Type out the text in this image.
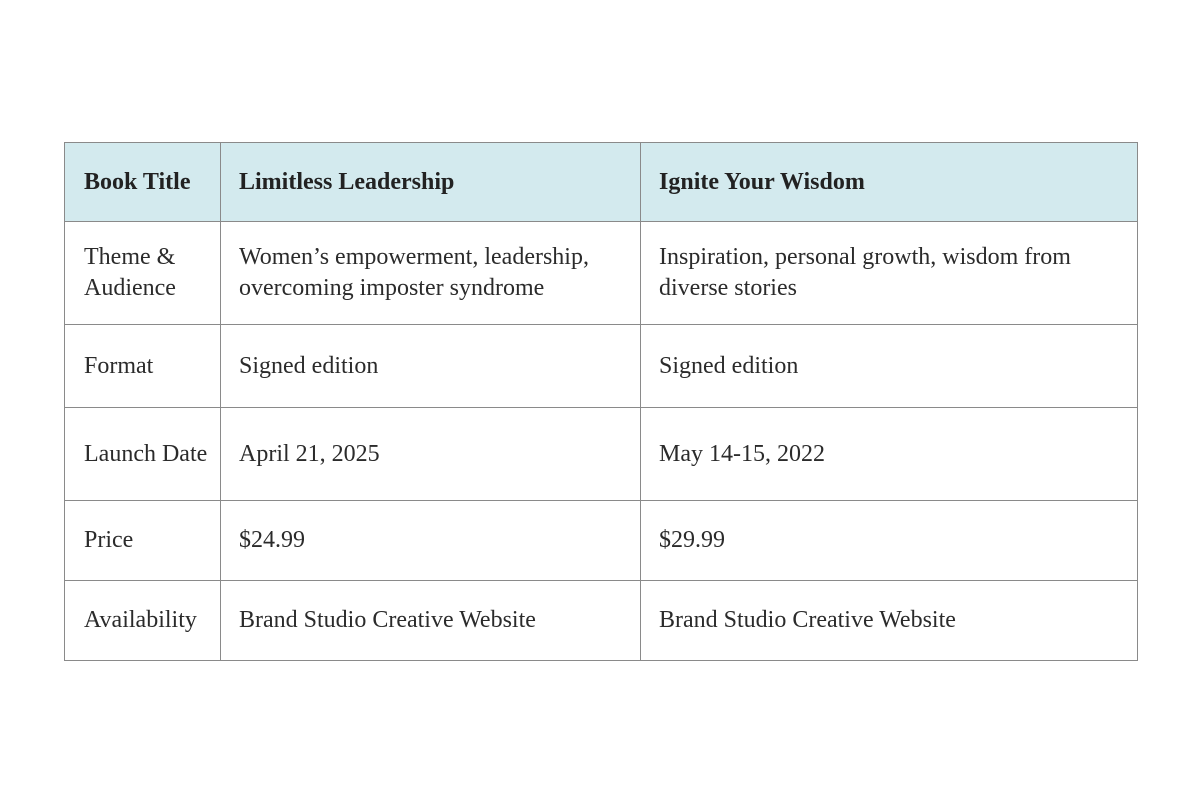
Book Title	Limitless Leadership	Ignite Your Wisdom
Theme & Audience	Women’s empowerment, leadership, overcoming imposter syndrome	Inspiration, personal growth, wisdom from diverse stories
Format	Signed edition	Signed edition
Launch Date	April 21, 2025	May 14-15, 2022
Price	$24.99	$29.99
Availability	Brand Studio Creative Website	Brand Studio Creative Website
